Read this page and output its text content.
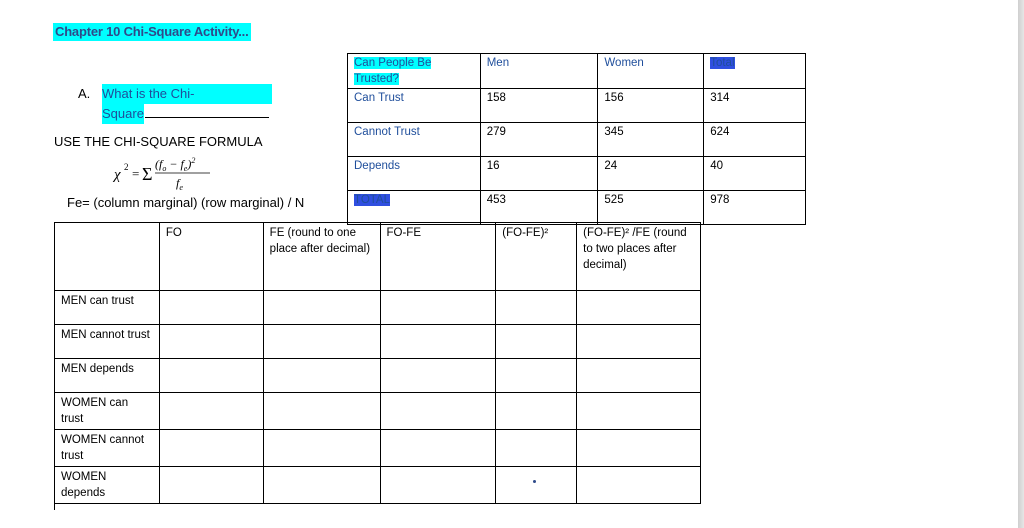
Chapter 10 Chi-Square Activity...
A. What is the Chi-
Square
USE THE CHI-SQUARE FORMULA
χ 2 = Σ $(f_o - f_e)^2$
$f_e$
Fe= (column marginal) (row marginal) / N
Can People Be Trusted?	Men	Women	Total
Can Trust	158	156	314
Cannot Trust	279	345	624
Depends	16	24	40
TOTAL	453	525	978
	FO	FE (round to one place after decimal)	FO-FE	(FO-FE)²	(FO-FE)² /FE (round to two places after decimal)
MEN can trust					
MEN cannot trust					
MEN depends					
WOMEN can trust					
WOMEN cannot trust					
WOMEN depends					
